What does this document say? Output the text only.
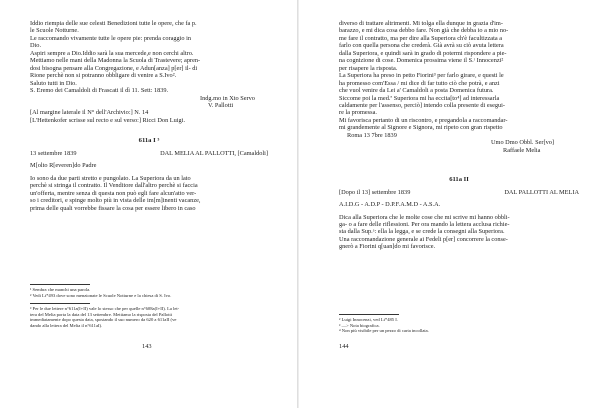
Iddio riempia delle sue celesti Benedizioni tutte le opere, che fa p.

le Scuole Notturne.

Le raccomando vivamente tutte le opere pie: prenda coraggio in

Dio.

Aspiri sempre a Dio.Iddio sarà la sua mercede,e non cerchi altro.

Mettiamo nelle mani della Madonna la Scuola di Trastevere; apren-

dosi bisogna pensare alla Congregazione, e Adun[anza] p[er] il- di

Rione perchè non si potranno obbligare di venire a S.Ivo².

Saluto tutti in Dio.

S. Eremo dei Camaldoli di Frascati il dì 11. Sett: 1839.

Indg.mo in Xto Servo

V. Pallotti

[Al margine laterale il N° dell'Archivio:] N. 14

[L'Hettenkofer scrisse sul recto e sul verso:] Ricci Don Luigi.

611a I ³

13 settembre 1839	DAL MELIA AL PALLOTTI, [Camaldoli]

M[olto R[everen]do Padre

Io sono da due parti stretto e pungolato. La Superiora da un lato

perchè si stringa il contratto. Il Venditore dall'altro perchè si faccia

un'offerta, mentre senza di questa non può egli fare alcun'atto ver-

so i creditori, e spinge molto più in vista delle im[m]inenti vacanze,

prima delle quali vorrebbe fissare la cosa per essere libero in caso

¹ Sembra che manchi una parola.

² Vedi Lt*493 dove sono menzionate le Scuole Notturne e la chiesa di S. Ivo.

³ Per le due lettere n°611a(I+II) vale lo stesso che per quelle n°608a(I+II). La let-

tera del Melia porta la data del 13 settembre. Mettiamo la risposta del Pallotti

immediatamente dopo questa data, spostando il suo numero da 620 a 611aII (ve

dando alla lettera del Melia il n°611aI).

143

diverso di trattare altrimenti. Mi tolga ella dunque in grazia d'im-

barazzo, e mi dica cosa debbo fare. Non già che debba io a mio no-

me fare il contratto, ma per dire alla Superiora ch'è facultizzata a

farlo con quella persona che crederà. Già avrà su ciò avuta lettera

dalla Superiora, e quindi sarà in grado di potermi rispondere a pie-

na cognizione di cose. Domenica prossima viene il S.ʳ Innocenzi²

per risapere la risposta.

La Superiora ha preso in petto Fiorini³ per farlo girare, e questi le

ha promesso com'Essa / mi dice di far tutto ciò che potrà, e anzi

che vuol venire da Lei a' Camaldoli a posta Domenica futura.

Siccome poi la med.ª Superiora mi ha eccita[to⁴] ad interessarla

caldamente per l'assenso, perciò] intendo colla presente di esegui-

re la promessa.

Mi favorisca pertanto di un riscontro, e pregandola a raccomandar-

mi grandemente al Signore e Signora, mi ripeto con gran rispetto

Roma 13 7bre 1839

Umo Dmo Obbl. Ser[vo]

Raffaele Melia

611a II

[Dopo il 13] settembre 1839	DAL PALLOTTI AL MELIA

A.I.D.G - A.D.P - D.P.F.A.M.D - A.S.A.

Dica alla Superiora che le molte cose che mi scrive mi hanno obbli-

ga- o a fare delle riflessioni. Per ora mando la lettera acclusa richie-

sta dalla Sup.ᵃ: ella la legga, e se crede la consegni alla Superiora.

Una raccomandazione generale ai Fedeli p[er] concorrere la conse-

gnerò a Fiorini q[uan]do mi favorisce.

² Luigi Innocenzi, ved Lt*485 I.

³ —> Nota biografica.

⁴ Non più visibile per un pezzo di carta incollata.

144
